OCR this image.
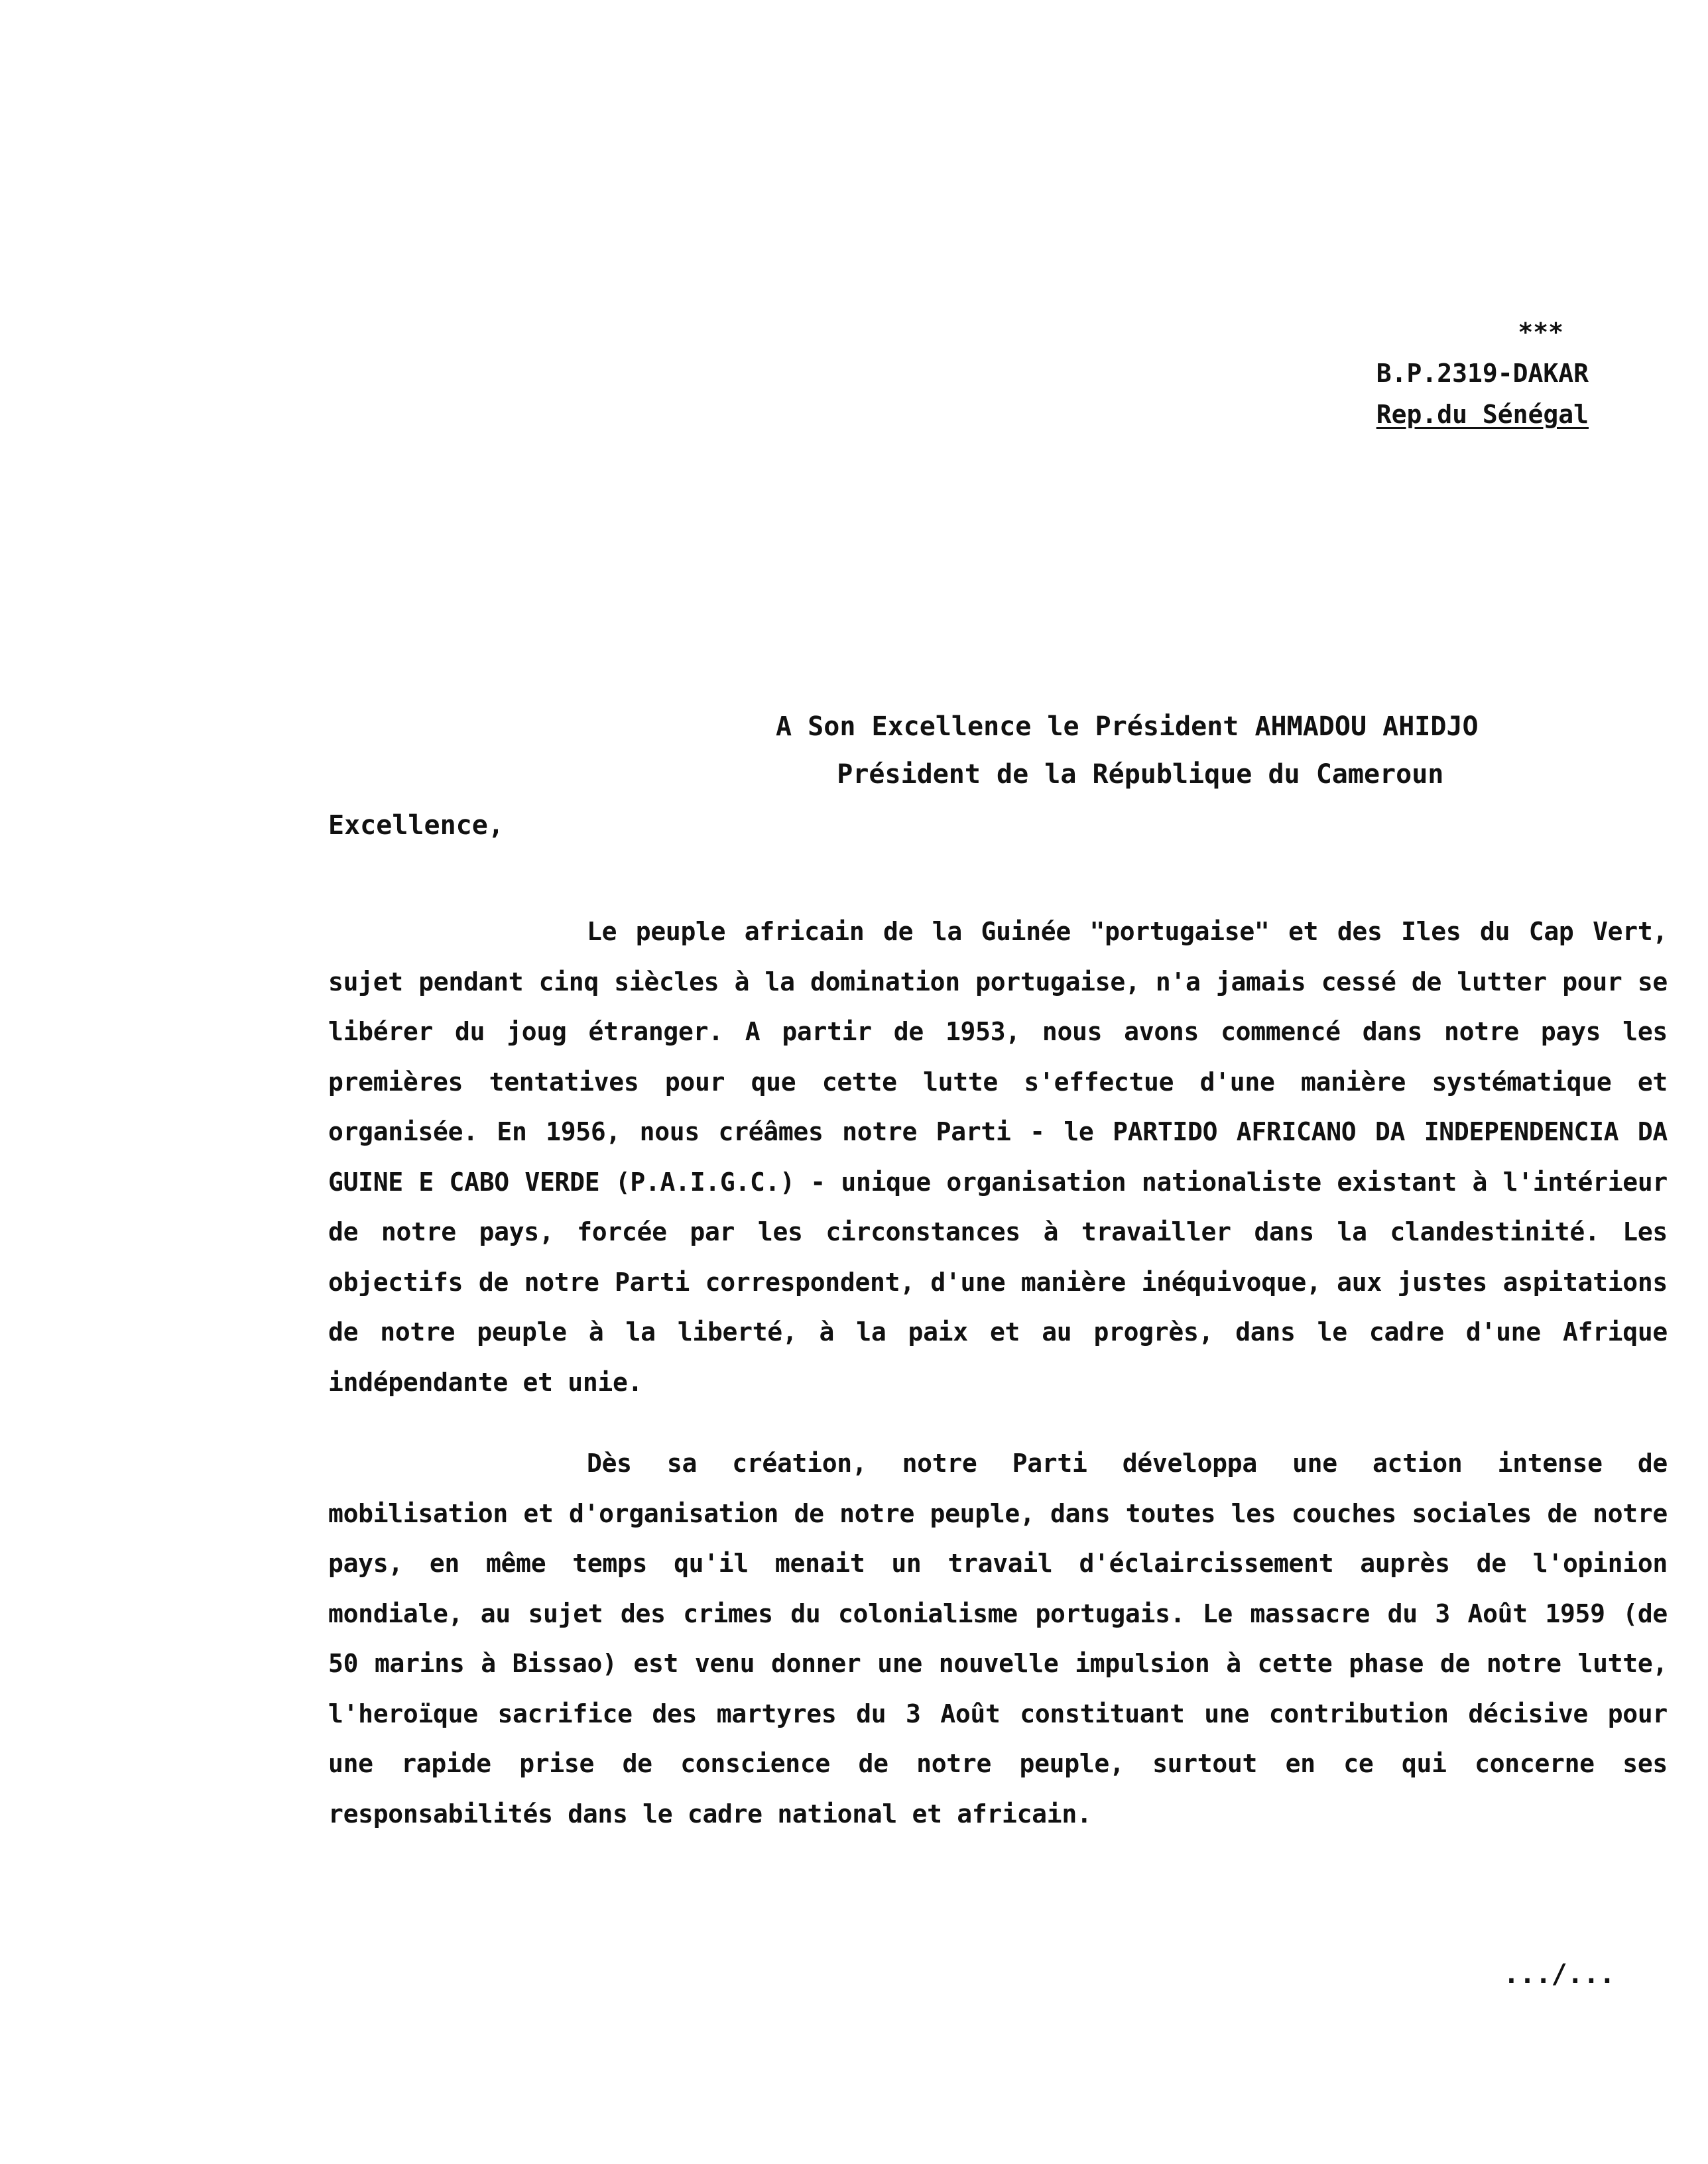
***
B.P.2319-DAKAR
Rep.du Sénégal
A Son Excellence le Président AHMADOU AHIDJO
Président de la République du Cameroun
Excellence,
Le peuple africain de la Guinée "portugaise" et des Iles du Cap Vert, sujet pendant cinq siècles à la domination portugaise, n'a jamais cessé de lutter pour se libérer du joug étranger. A partir de 1953, nous avons commencé dans notre pays les premières tentatives pour que cette lutte s'effectue d'une manière systématique et organisée. En 1956, nous créâmes notre Parti - le PARTIDO AFRICANO DA INDEPENDENCIA DA GUINE E CABO VERDE (P.A.I.G.C.) - unique organisation nationaliste existant à l'intérieur de notre pays, forcée par les circonstances à travailler dans la clandestinité. Les objectifs de notre Parti correspondent, d'une manière inéquivoque, aux justes aspitations de notre peuple à la liberté, à la paix et au progrès, dans le cadre d'une Afrique indépendante et unie.
Dès sa création, notre Parti développa une action intense de mobilisation et d'organisation de notre peuple, dans toutes les couches sociales de notre pays, en même temps qu'il menait un travail d'éclaircissement auprès de l'opinion mondiale, au sujet des crimes du colonialisme portugais. Le massacre du 3 Août 1959 (de 50 marins à Bissao) est venu donner une nouvelle impulsion à cette phase de notre lutte, l'heroïque sacrifice des martyres du 3 Août constituant une contribution décisive pour une rapide prise de conscience de notre peuple, surtout en ce qui concerne ses responsabilités dans le cadre national et africain.
.../...
